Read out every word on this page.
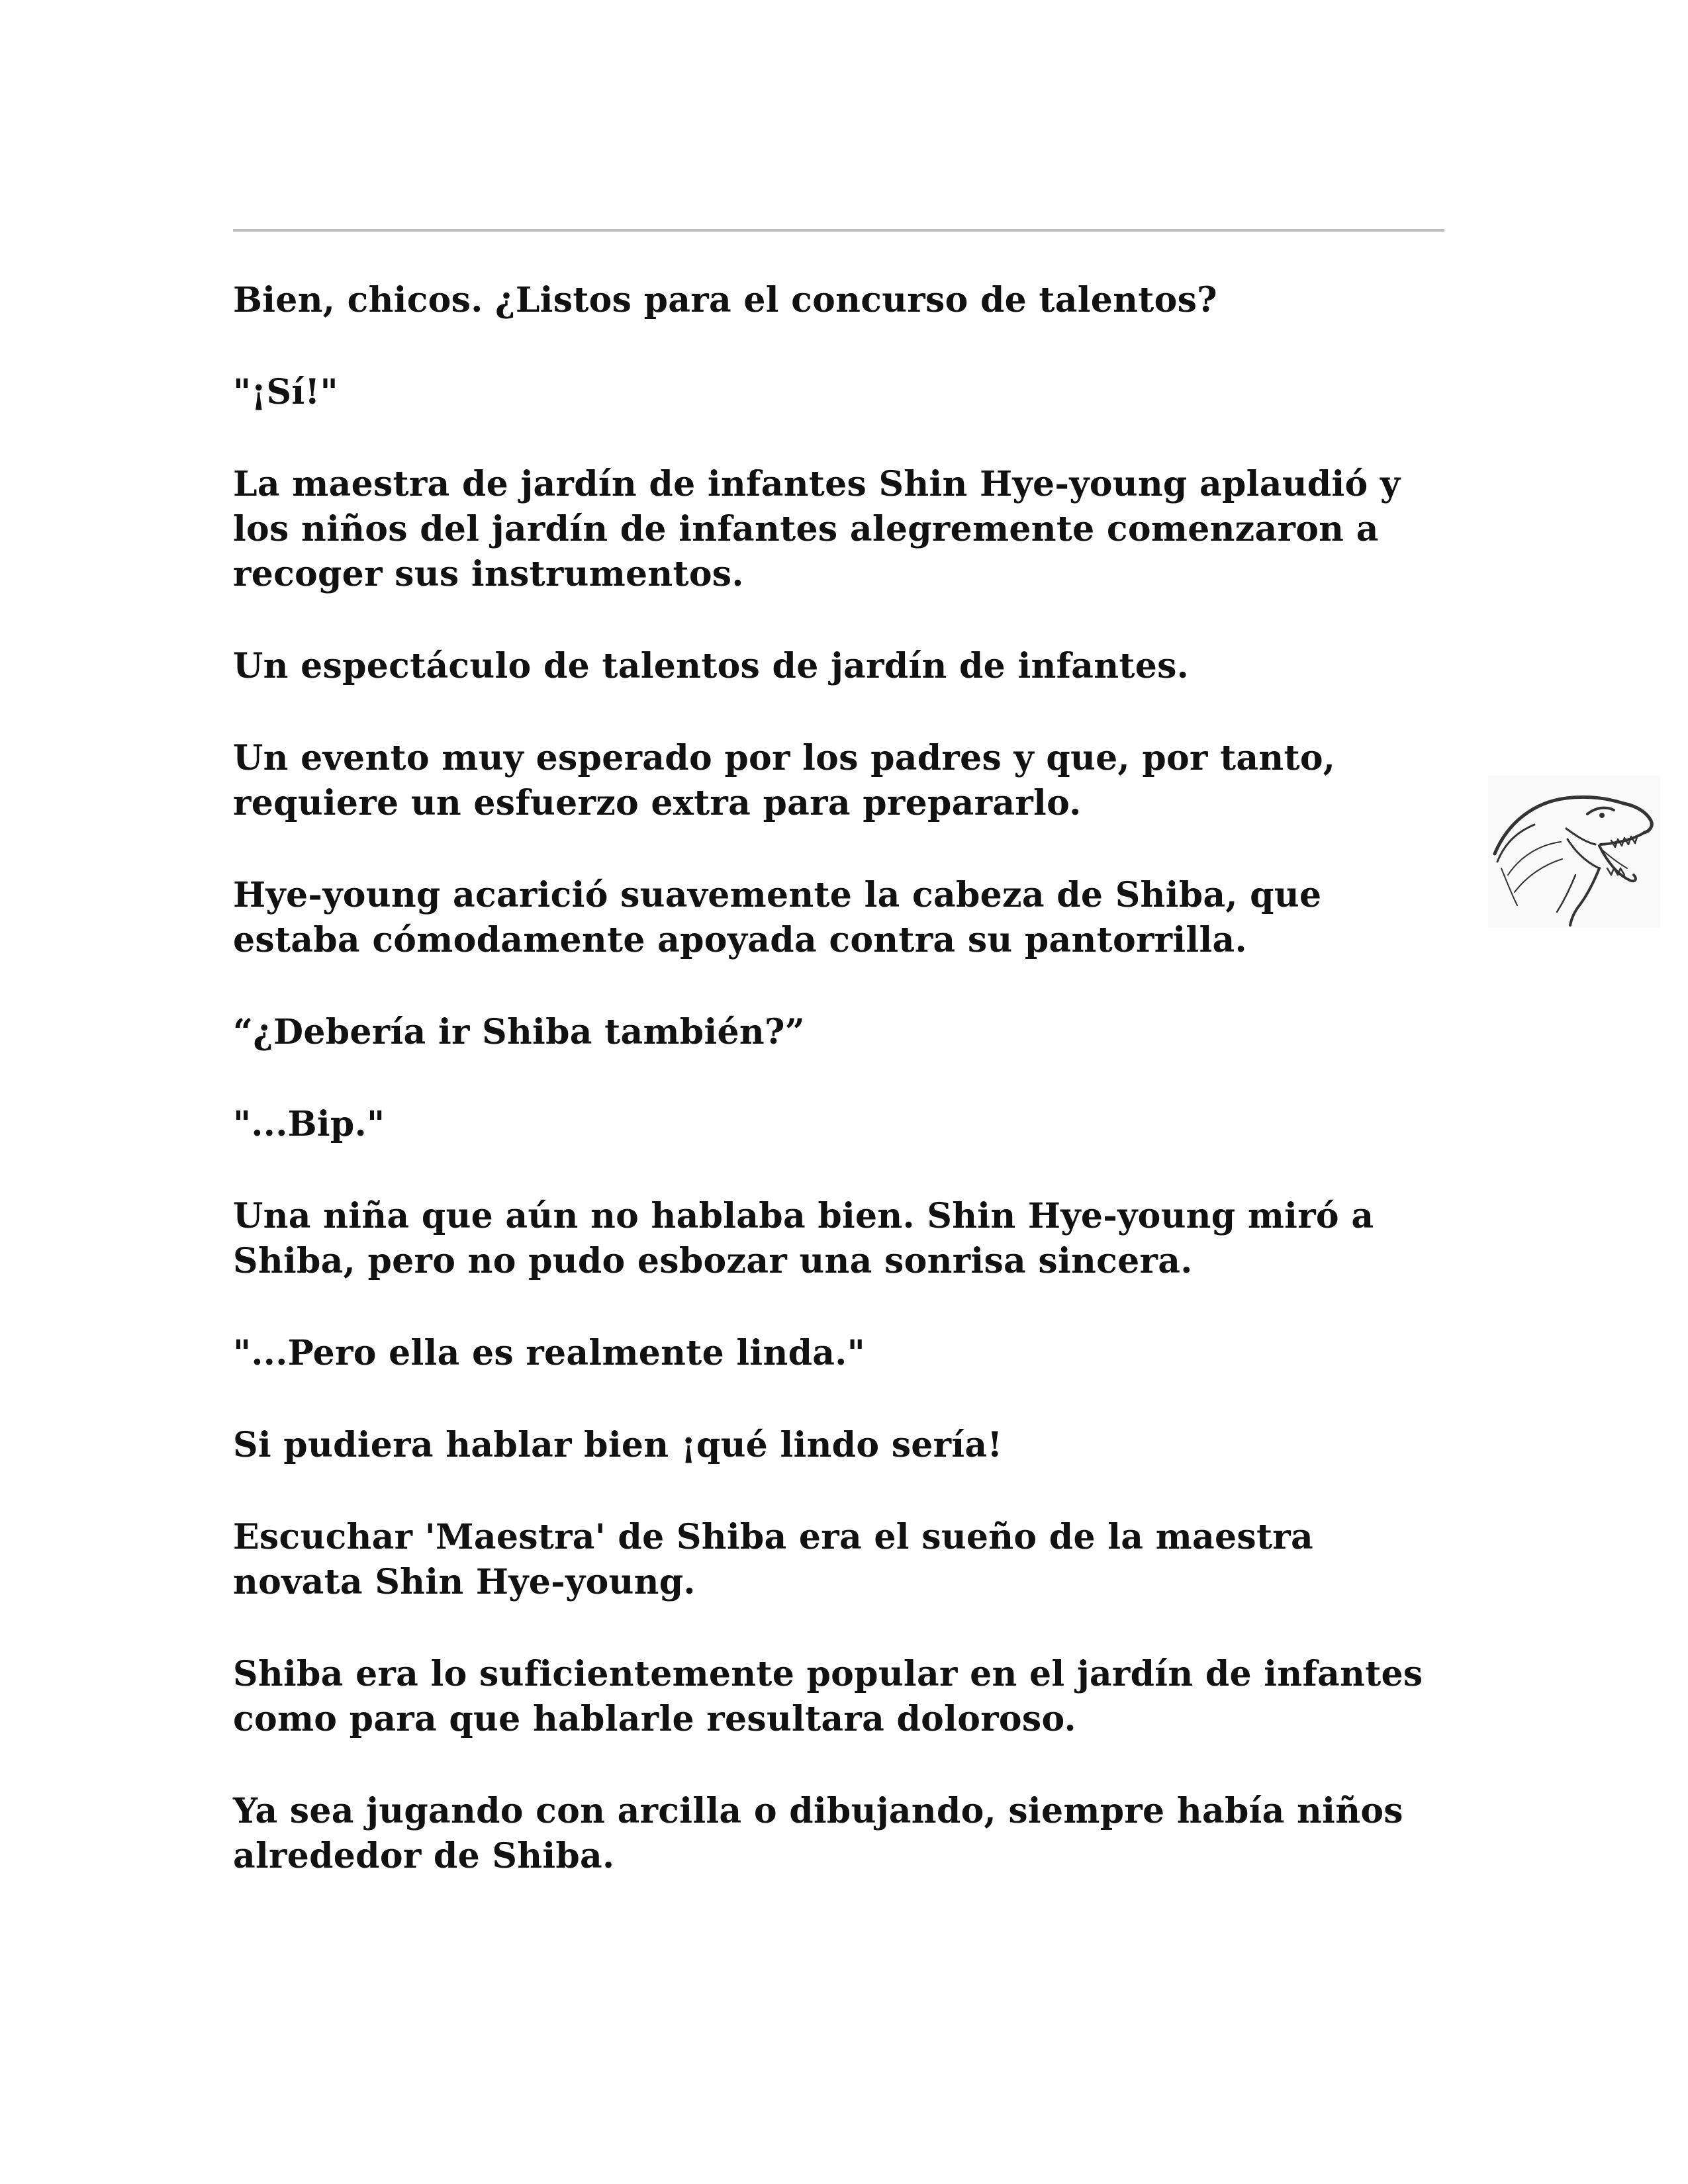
Bien, chicos. ¿Listos para el concurso de talentos?

"¡Sí!"

La maestra de jardín de infantes Shin Hye-young aplaudió y
los niños del jardín de infantes alegremente comenzaron a
recoger sus instrumentos.

Un espectáculo de talentos de jardín de infantes.

Un evento muy esperado por los padres y que, por tanto,
requiere un esfuerzo extra para prepararlo.

Hye-young acarició suavemente la cabeza de Shiba, que
estaba cómodamente apoyada contra su pantorrilla.

“¿Debería ir Shiba también?”

"...Bip."

Una niña que aún no hablaba bien. Shin Hye-young miró a
Shiba, pero no pudo esbozar una sonrisa sincera.

"...Pero ella es realmente linda."

Si pudiera hablar bien ¡qué lindo sería!

Escuchar 'Maestra' de Shiba era el sueño de la maestra
novata Shin Hye-young.

Shiba era lo suficientemente popular en el jardín de infantes
como para que hablarle resultara doloroso.

Ya sea jugando con arcilla o dibujando, siempre había niños
alrededor de Shiba.
